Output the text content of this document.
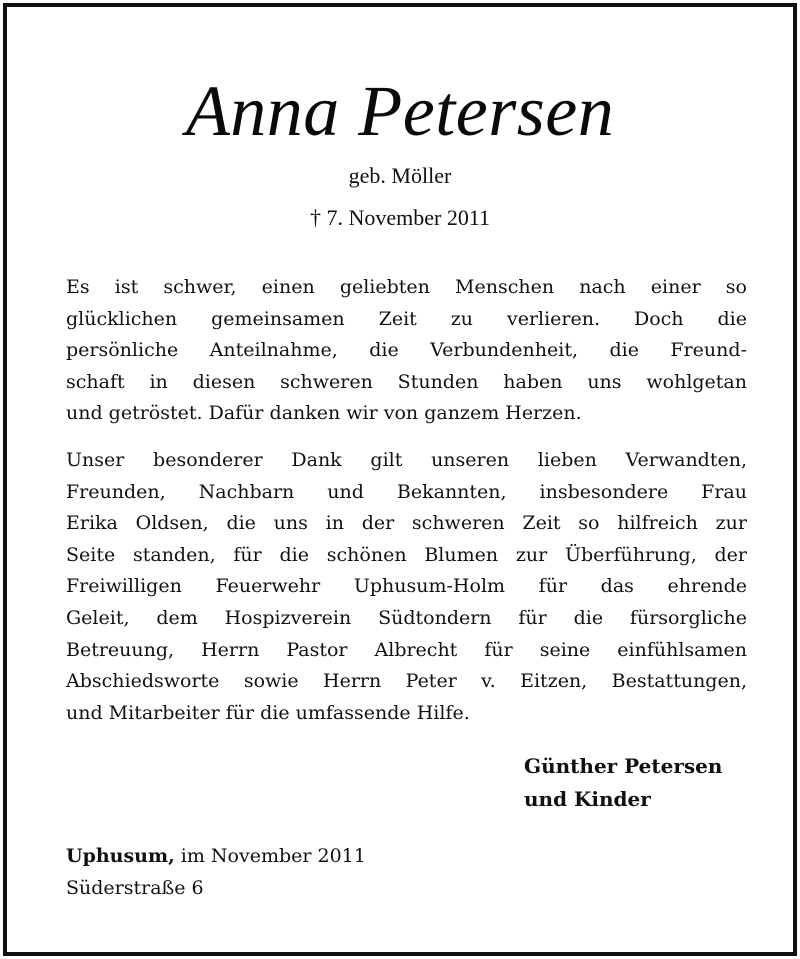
Anna Petersen
geb. Möller
† 7. November 2011
Es ist schwer, einen geliebten Menschen nach einer so
glücklichen gemeinsamen Zeit zu verlieren. Doch die
persönliche Anteilnahme, die Verbundenheit, die Freund-
schaft in diesen schweren Stunden haben uns wohlgetan
und getröstet. Dafür danken wir von ganzem Herzen.
Unser besonderer Dank gilt unseren lieben Verwandten,
Freunden, Nachbarn und Bekannten, insbesondere Frau
Erika Oldsen, die uns in der schweren Zeit so hilfreich zur
Seite standen, für die schönen Blumen zur Überführung, der
Freiwilligen Feuerwehr Uphusum-Holm für das ehrende
Geleit, dem Hospizverein Südtondern für die fürsorgliche
Betreuung, Herrn Pastor Albrecht für seine einfühlsamen
Abschiedsworte sowie Herrn Peter v. Eitzen, Bestattungen,
und Mitarbeiter für die umfassende Hilfe.
Günther Petersen
und Kinder
Uphusum, im November 2011
Süderstraße 6
